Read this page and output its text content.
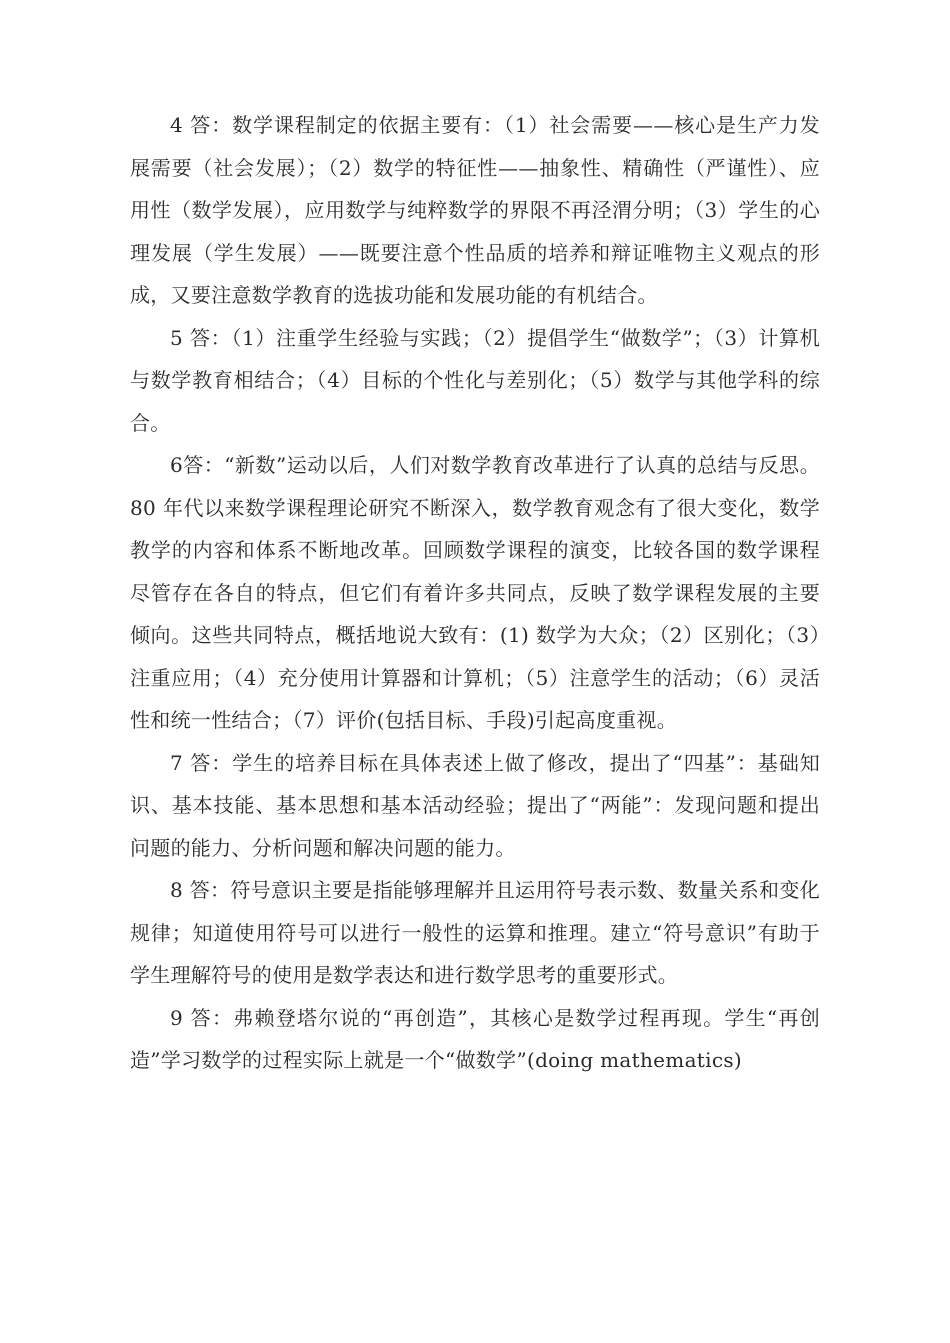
4 答：数学课程制定的依据主要有：（1）社会需要——核心是生产力发展需要（社会发展）；（2）数学的特征性——抽象性、精确性（严谨性）、应用性（数学发展），应用数学与纯粹数学的界限不再泾渭分明；（3）学生的心理发展（学生发展）——既要注意个性品质的培养和辩证唯物主义观点的形成，又要注意数学教育的选拔功能和发展功能的有机结合。

5 答：（1）注重学生经验与实践；（2）提倡学生“做数学”；（3）计算机与数学教育相结合；（4）目标的个性化与差别化；（5）数学与其他学科的综合。

6答：“新数”运动以后，人们对数学教育改革进行了认真的总结与反思。80 年代以来数学课程理论研究不断深入，数学教育观念有了很大变化，数学教学的内容和体系不断地改革。回顾数学课程的演变，比较各国的数学课程尽管存在各自的特点，但它们有着许多共同点，反映了数学课程发展的主要倾向。这些共同特点，概括地说大致有：(1) 数学为大众；（2）区别化；（3）注重应用；（4）充分使用计算器和计算机；（5）注意学生的活动；（6）灵活性和统一性结合；（7）评价(包括目标、手段)引起高度重视。

7 答：学生的培养目标在具体表述上做了修改，提出了“四基”：基础知识、基本技能、基本思想和基本活动经验；提出了“两能”：发现问题和提出问题的能力、分析问题和解决问题的能力。

8 答：符号意识主要是指能够理解并且运用符号表示数、数量关系和变化规律；知道使用符号可以进行一般性的运算和推理。建立“符号意识”有助于学生理解符号的使用是数学表达和进行数学思考的重要形式。

9 答：弗赖登塔尔说的“再创造”，其核心是数学过程再现。学生“再创造”学习数学的过程实际上就是一个“做数学”(doing mathematics)
